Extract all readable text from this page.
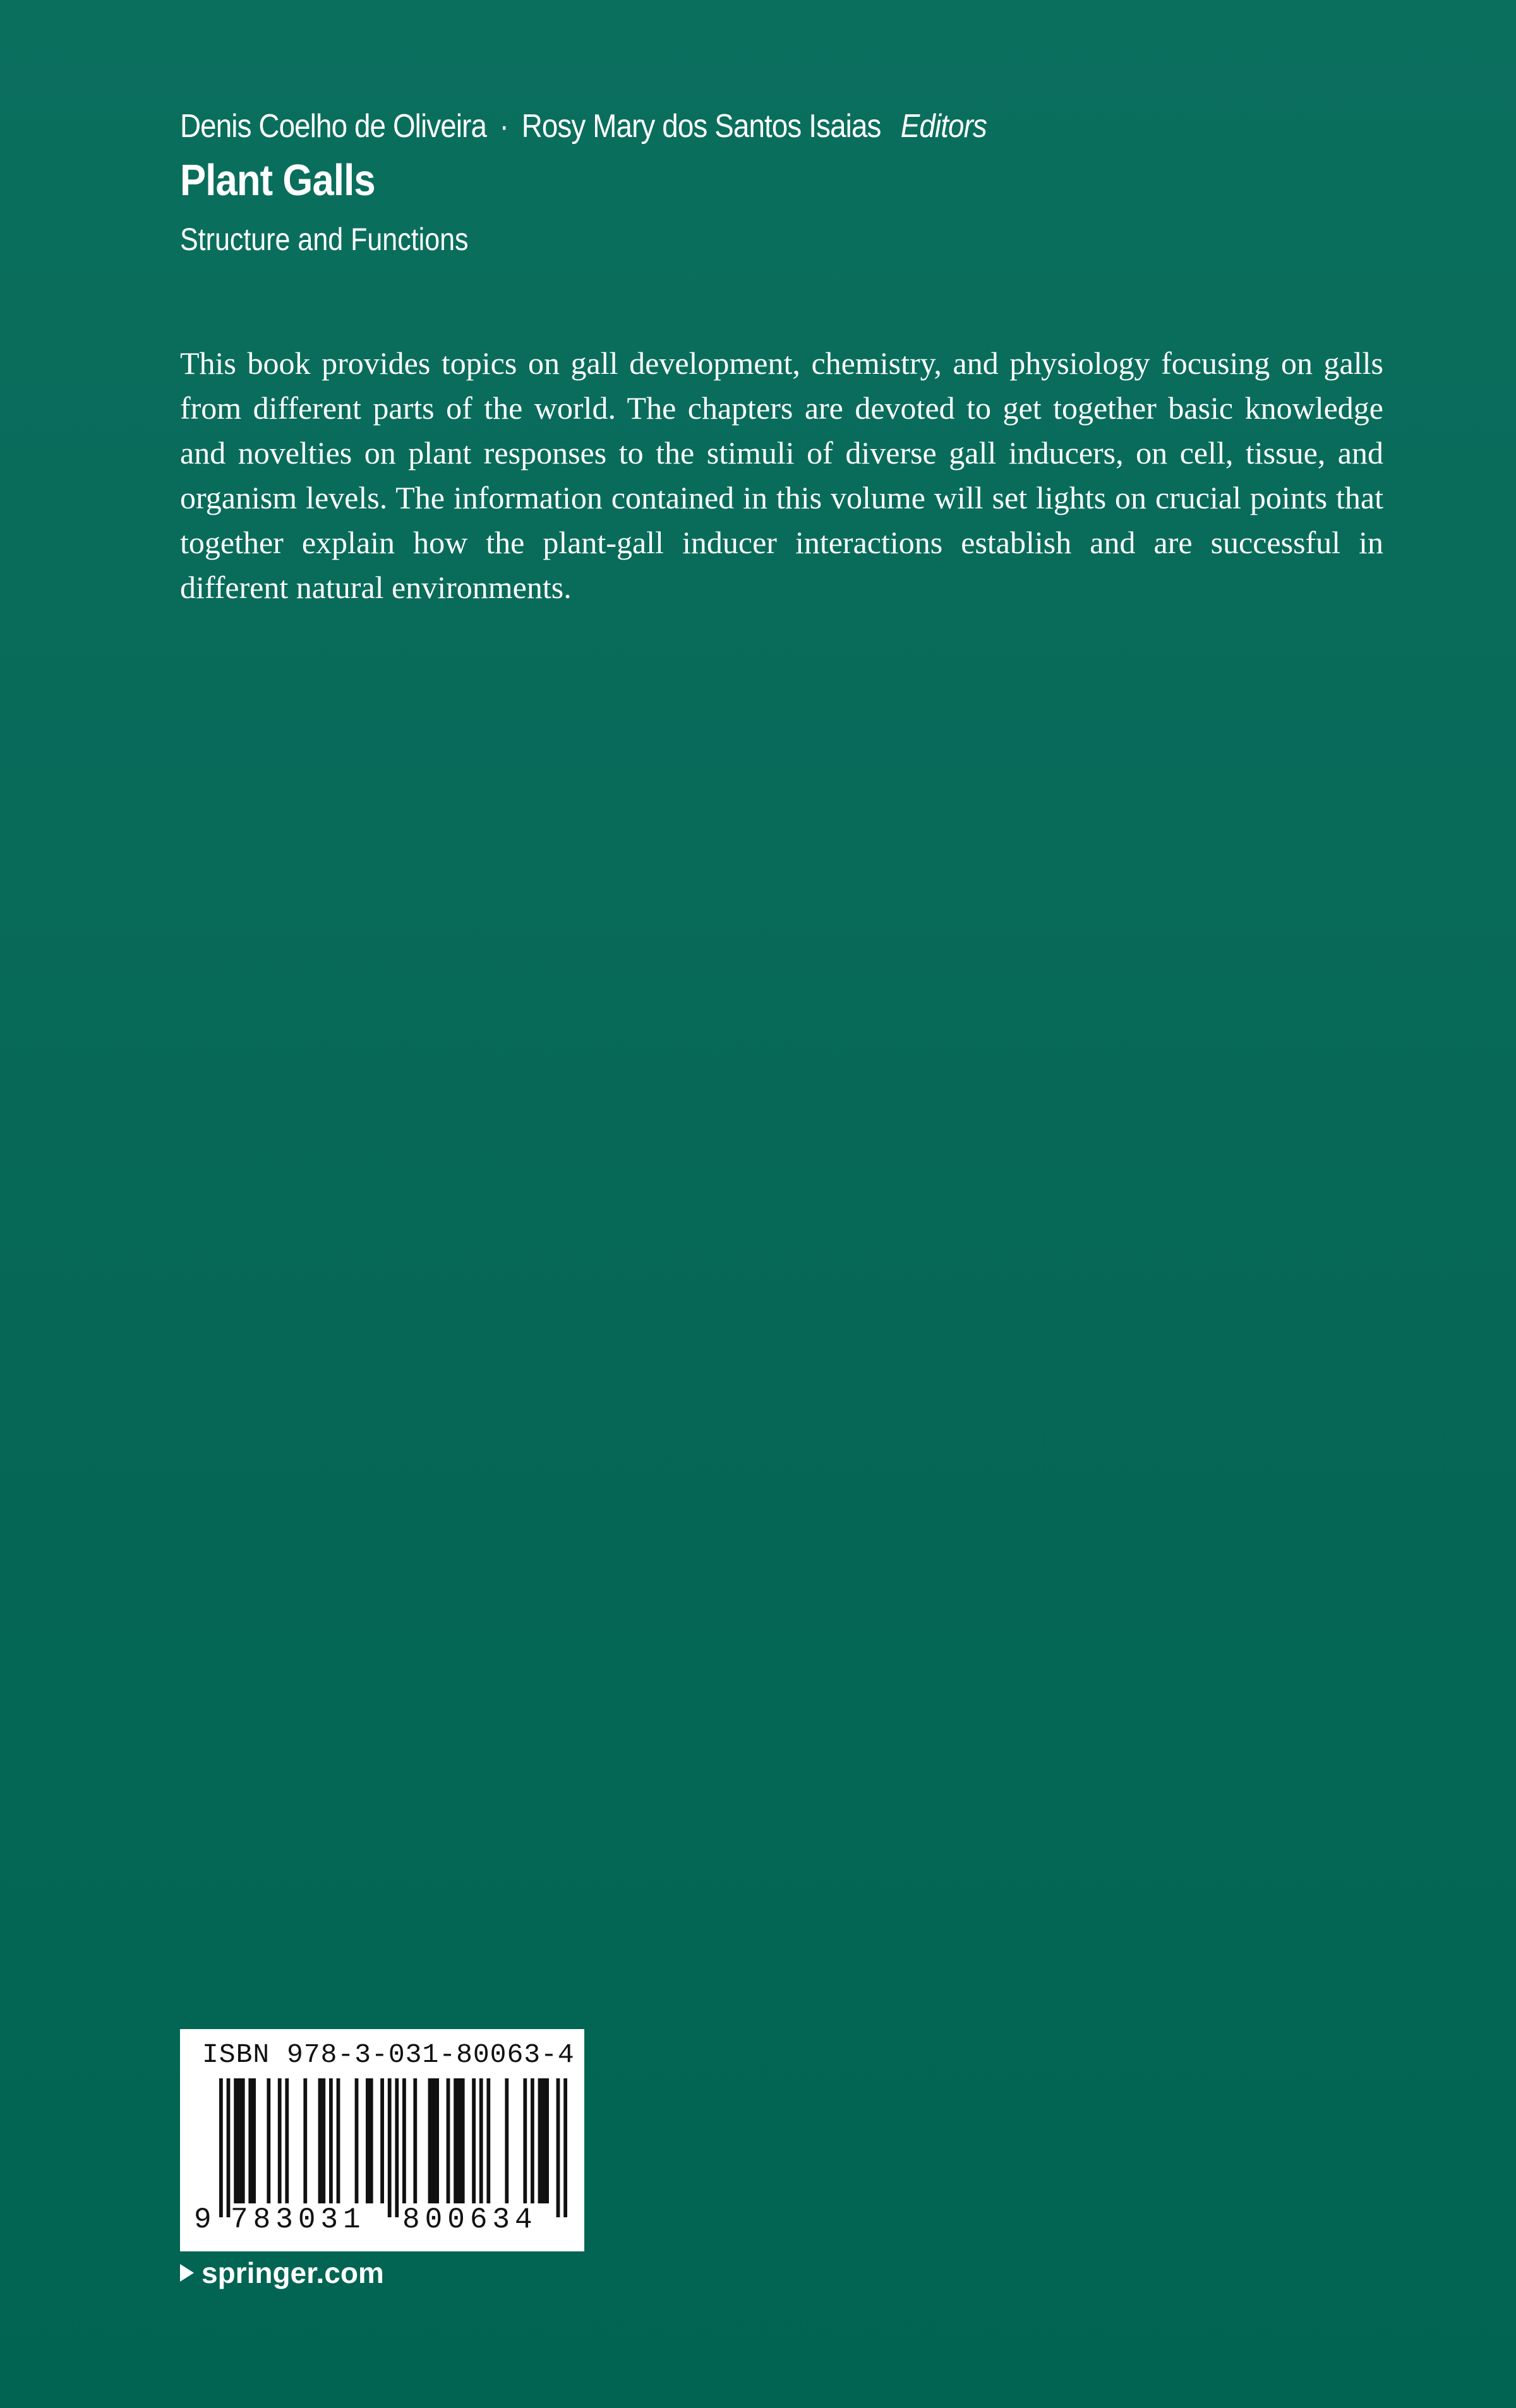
Denis Coelho de Oliveira · Rosy Mary dos Santos Isaias Editors
Plant Galls
Structure and Functions

This book provides topics on gall development, chemistry, and physiology focusing on galls from different parts of the world. The chapters are devoted to get together basic knowledge and novelties on plant responses to the stimuli of diverse gall inducers, on cell, tissue, and organism levels. The information contained in this volume will set lights on crucial points that together explain how the plant-gall inducer interactions establish and are successful in different natural environments.

ISBN 978-3-031-80063-4
9 783031 800634
springer.com
